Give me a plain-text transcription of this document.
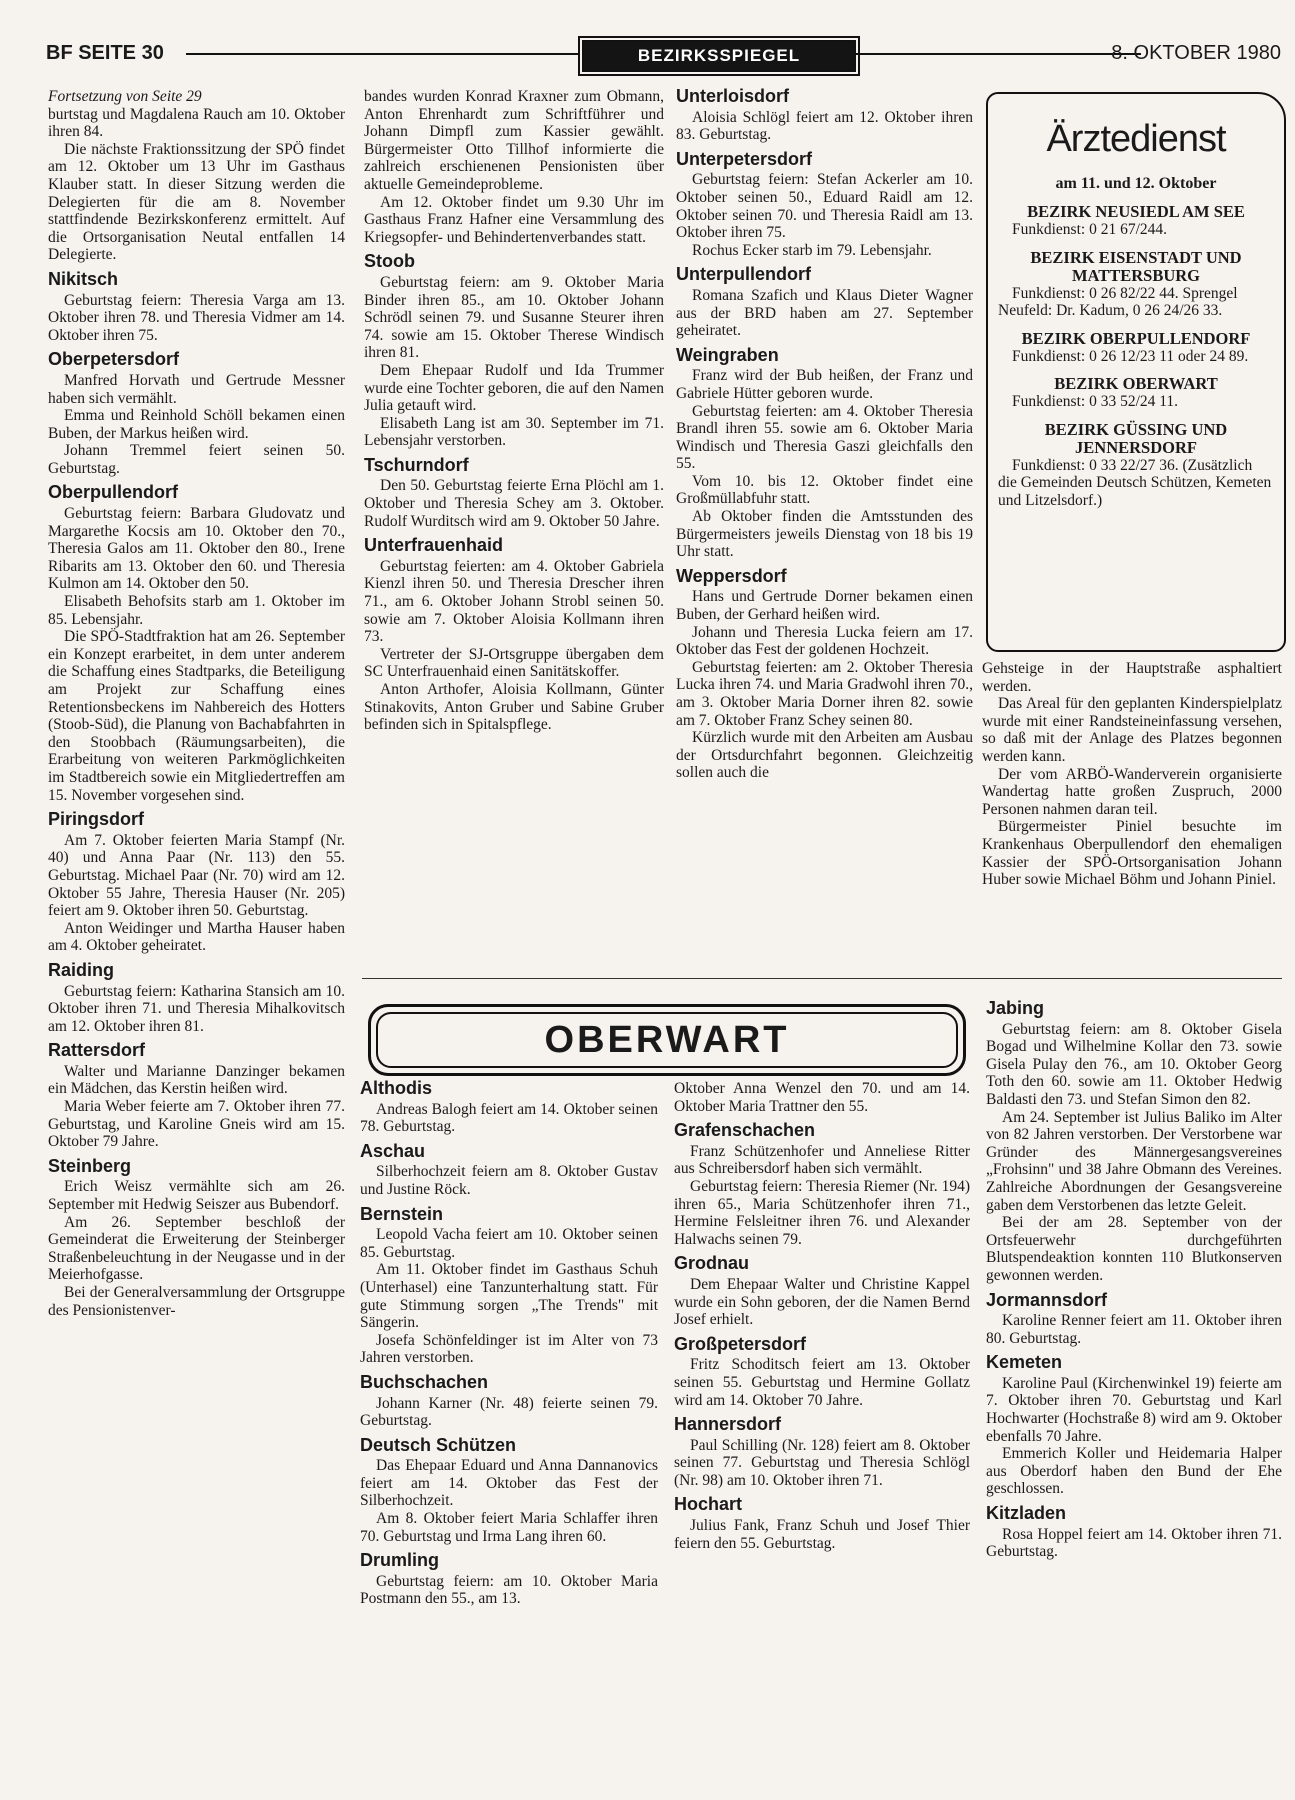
BF SEITE 30	BEZIRKSSPIEGEL	8. OKTOBER 1980

Fortsetzung von Seite 29

burtstag und Magdalena Rauch am 10. Oktober ihren 84.

Die nächste Fraktionssitzung der SPÖ findet am 12. Oktober um 13 Uhr im Gasthaus Klauber statt. In dieser Sitzung werden die Delegierten für die am 8. November stattfindende Bezirkskonferenz ermittelt. Auf die Ortsorganisation Neutal entfallen 14 Delegierte.

Nikitsch

Geburtstag feiern: Theresia Varga am 13. Oktober ihren 78. und Theresia Vidmer am 14. Oktober ihren 75.

Oberpetersdorf

Manfred Horvath und Gertrude Messner haben sich vermählt.

Emma und Reinhold Schöll bekamen einen Buben, der Markus heißen wird.

Johann Tremmel feiert seinen 50. Geburtstag.

Oberpullendorf

Geburtstag feiern: Barbara Gludovatz und Margarethe Kocsis am 10. Oktober den 70., Theresia Galos am 11. Oktober den 80., Irene Ribarits am 13. Oktober den 60. und Theresia Kulmon am 14. Oktober den 50.

Elisabeth Behofsits starb am 1. Oktober im 85. Lebensjahr.

Die SPÖ-Stadtfraktion hat am 26. September ein Konzept erarbeitet, in dem unter anderem die Schaffung eines Stadtparks, die Beteiligung am Projekt zur Schaffung eines Retentionsbeckens im Nahbereich des Hotters (Stoob-Süd), die Planung von Bachabfahrten in den Stoobbach (Räumungsarbeiten), die Erarbeitung von weiteren Parkmöglichkeiten im Stadtbereich sowie ein Mitgliedertreffen am 15. November vorgesehen sind.

Piringsdorf

Am 7. Oktober feierten Maria Stampf (Nr. 40) und Anna Paar (Nr. 113) den 55. Geburtstag. Michael Paar (Nr. 70) wird am 12. Oktober 55 Jahre, Theresia Hauser (Nr. 205) feiert am 9. Oktober ihren 50. Geburtstag.

Anton Weidinger und Martha Hauser haben am 4. Oktober geheiratet.

Raiding

Geburtstag feiern: Katharina Stansich am 10. Oktober ihren 71. und Theresia Mihalkovitsch am 12. Oktober ihren 81.

Rattersdorf

Walter und Marianne Danzinger bekamen ein Mädchen, das Kerstin heißen wird.

Maria Weber feierte am 7. Oktober ihren 77. Geburtstag, und Karoline Gneis wird am 15. Oktober 79 Jahre.

Steinberg

Erich Weisz vermählte sich am 26. September mit Hedwig Seiszer aus Bubendorf.

Am 26. September beschloß der Gemeinderat die Erweiterung der Steinberger Straßenbeleuchtung in der Neugasse und in der Meierhofgasse.

Bei der Generalversammlung der Ortsgruppe des Pensionistenver-

bandes wurden Konrad Kraxner zum Obmann, Anton Ehrenhardt zum Schriftführer und Johann Dimpfl zum Kassier gewählt. Bürgermeister Otto Tillhof informierte die zahlreich erschienenen Pensionisten über aktuelle Gemeindeprobleme.

Am 12. Oktober findet um 9.30 Uhr im Gasthaus Franz Hafner eine Versammlung des Kriegsopfer- und Behindertenverbandes statt.

Stoob

Geburtstag feiern: am 9. Oktober Maria Binder ihren 85., am 10. Oktober Johann Schrödl seinen 79. und Susanne Steurer ihren 74. sowie am 15. Oktober Therese Windisch ihren 81.

Dem Ehepaar Rudolf und Ida Trummer wurde eine Tochter geboren, die auf den Namen Julia getauft wird.

Elisabeth Lang ist am 30. September im 71. Lebensjahr verstorben.

Tschurndorf

Den 50. Geburtstag feierte Erna Plöchl am 1. Oktober und Theresia Schey am 3. Oktober. Rudolf Wurditsch wird am 9. Oktober 50 Jahre.

Unterfrauenhaid

Geburtstag feierten: am 4. Oktober Gabriela Kienzl ihren 50. und Theresia Drescher ihren 71., am 6. Oktober Johann Strobl seinen 50. sowie am 7. Oktober Aloisia Kollmann ihren 73.

Vertreter der SJ-Ortsgruppe übergaben dem SC Unterfrauenhaid einen Sanitätskoffer.

Anton Arthofer, Aloisia Kollmann, Günter Stinakovits, Anton Gruber und Sabine Gruber befinden sich in Spitalspflege.

Unterloisdorf

Aloisia Schlögl feiert am 12. Oktober ihren 83. Geburtstag.

Unterpetersdorf

Geburtstag feiern: Stefan Ackerler am 10. Oktober seinen 50., Eduard Raidl am 12. Oktober seinen 70. und Theresia Raidl am 13. Oktober ihren 75.

Rochus Ecker starb im 79. Lebensjahr.

Unterpullendorf

Romana Szafich und Klaus Dieter Wagner aus der BRD haben am 27. September geheiratet.

Weingraben

Franz wird der Bub heißen, der Franz und Gabriele Hütter geboren wurde.

Geburtstag feierten: am 4. Oktober Theresia Brandl ihren 55. sowie am 6. Oktober Maria Windisch und Theresia Gaszi gleichfalls den 55.

Vom 10. bis 12. Oktober findet eine Großmüllabfuhr statt.

Ab Oktober finden die Amtsstunden des Bürgermeisters jeweils Dienstag von 18 bis 19 Uhr statt.

Weppersdorf

Hans und Gertrude Dorner bekamen einen Buben, der Gerhard heißen wird.

Johann und Theresia Lucka feiern am 17. Oktober das Fest der goldenen Hochzeit.

Geburtstag feierten: am 2. Oktober Theresia Lucka ihren 74. und Maria Gradwohl ihren 70., am 3. Oktober Maria Dorner ihren 82. sowie am 7. Oktober Franz Schey seinen 80.

Kürzlich wurde mit den Arbeiten am Ausbau der Ortsdurchfahrt begonnen. Gleichzeitig sollen auch die

Ärztedienst
am 11. und 12. Oktober
BEZIRK NEUSIEDL AM SEE
Funkdienst: 0 21 67/244.
BEZIRK EISENSTADT UND MATTERSBURG
Funkdienst: 0 26 82/22 44. Sprengel Neufeld: Dr. Kadum, 0 26 24/26 33.
BEZIRK OBERPULLENDORF
Funkdienst: 0 26 12/23 11 oder 24 89.
BEZIRK OBERWART
Funkdienst: 0 33 52/24 11.
BEZIRK GÜSSING UND JENNERSDORF
Funkdienst: 0 33 22/27 36. (Zusätzlich die Gemeinden Deutsch Schützen, Kemeten und Litzelsdorf.)

Gehsteige in der Hauptstraße asphaltiert werden.

Das Areal für den geplanten Kinderspielplatz wurde mit einer Randsteineinfassung versehen, so daß mit der Anlage des Platzes begonnen werden kann.

Der vom ARBÖ-Wanderverein organisierte Wandertag hatte großen Zuspruch, 2000 Personen nahmen daran teil.

Bürgermeister Piniel besuchte im Krankenhaus Oberpullendorf den ehemaligen Kassier der SPÖ-Ortsorganisation Johann Huber sowie Michael Böhm und Johann Piniel.

OBERWART
Althodis

Andreas Balogh feiert am 14. Oktober seinen 78. Geburtstag.

Aschau

Silberhochzeit feiern am 8. Oktober Gustav und Justine Röck.

Bernstein

Leopold Vacha feiert am 10. Oktober seinen 85. Geburtstag.

Am 11. Oktober findet im Gasthaus Schuh (Unterhasel) eine Tanzunterhaltung statt. Für gute Stimmung sorgen „The Trends" mit Sängerin.

Josefa Schönfeldinger ist im Alter von 73 Jahren verstorben.

Buchschachen

Johann Karner (Nr. 48) feierte seinen 79. Geburtstag.

Deutsch Schützen

Das Ehepaar Eduard und Anna Dannanovics feiert am 14. Oktober das Fest der Silberhochzeit.

Am 8. Oktober feiert Maria Schlaffer ihren 70. Geburtstag und Irma Lang ihren 60.

Drumling

Geburtstag feiern: am 10. Oktober Maria Postmann den 55., am 13.

Oktober Anna Wenzel den 70. und am 14. Oktober Maria Trattner den 55.

Grafenschachen

Franz Schützenhofer und Anneliese Ritter aus Schreibersdorf haben sich vermählt.

Geburtstag feiern: Theresia Riemer (Nr. 194) ihren 65., Maria Schützenhofer ihren 71., Hermine Felsleitner ihren 76. und Alexander Halwachs seinen 79.

Grodnau

Dem Ehepaar Walter und Christine Kappel wurde ein Sohn geboren, der die Namen Bernd Josef erhielt.

Großpetersdorf

Fritz Schoditsch feiert am 13. Oktober seinen 55. Geburtstag und Hermine Gollatz wird am 14. Oktober 70 Jahre.

Hannersdorf

Paul Schilling (Nr. 128) feiert am 8. Oktober seinen 77. Geburtstag und Theresia Schlögl (Nr. 98) am 10. Oktober ihren 71.

Hochart

Julius Fank, Franz Schuh und Josef Thier feiern den 55. Geburtstag.

Jabing

Geburtstag feiern: am 8. Oktober Gisela Bogad und Wilhelmine Kollar den 73. sowie Gisela Pulay den 76., am 10. Oktober Georg Toth den 60. sowie am 11. Oktober Hedwig Baldasti den 73. und Stefan Simon den 82.

Am 24. September ist Julius Baliko im Alter von 82 Jahren verstorben. Der Verstorbene war Gründer des Männergesangsvereines „Frohsinn" und 38 Jahre Obmann des Vereines. Zahlreiche Abordnungen der Gesangsvereine gaben dem Verstorbenen das letzte Geleit.

Bei der am 28. September von der Ortsfeuerwehr durchgeführten Blutspendeaktion konnten 110 Blutkonserven gewonnen werden.

Jormannsdorf

Karoline Renner feiert am 11. Oktober ihren 80. Geburtstag.

Kemeten

Karoline Paul (Kirchenwinkel 19) feierte am 7. Oktober ihren 70. Geburtstag und Karl Hochwarter (Hochstraße 8) wird am 9. Oktober ebenfalls 70 Jahre.

Emmerich Koller und Heidemaria Halper aus Oberdorf haben den Bund der Ehe geschlossen.

Kitzladen

Rosa Hoppel feiert am 14. Oktober ihren 71. Geburtstag.
